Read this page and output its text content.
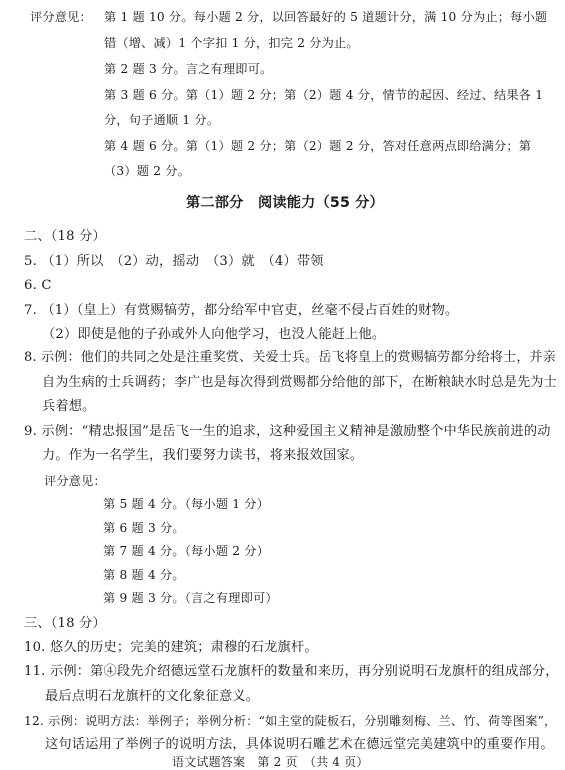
评分意见： 第 1 题 10 分。每小题 2 分，以回答最好的 5 道题计分，满 10 分为止；每小题
错（增、减）1 个字扣 1 分，扣完 2 分为止。
第 2 题 3 分。言之有理即可。
第 3 题 6 分。第（1）题 2 分；第（2）题 4 分，情节的起因、经过、结果各 1
分，句子通顺 1 分。
第 4 题 6 分。第（1）题 2 分；第（2）题 2 分，答对任意两点即给满分；第
（3）题 2 分。
第二部分　阅读能力（55 分）
二、（18 分）
5. （1）所以　（2）动，摇动　（3）就　（4）带领
6. C
7. （1）（皇上）有赏赐犒劳，都分给军中官吏，丝毫不侵占百姓的财物。
（2）即使是他的子孙或外人向他学习，也没人能赶上他。
8. 示例：他们的共同之处是注重奖赏、关爱士兵。岳飞将皇上的赏赐犒劳都分给将士，并亲
自为生病的士兵调药；李广也是每次得到赏赐都分给他的部下，在断粮缺水时总是先为士
兵着想。
9. 示例：“精忠报国”是岳飞一生的追求，这种爱国主义精神是激励整个中华民族前进的动
力。作为一名学生，我们要努力读书，将来报效国家。
评分意见：
第 5 题 4 分。（每小题 1 分）
第 6 题 3 分。
第 7 题 4 分。（每小题 2 分）
第 8 题 4 分。
第 9 题 3 分。（言之有理即可）
三、（18 分）
10. 悠久的历史；完美的建筑；肃穆的石龙旗杆。
11. 示例：第④段先介绍德远堂石龙旗杆的数量和来历，再分别说明石龙旗杆的组成部分，
最后点明石龙旗杆的文化象征意义。
12. 示例：说明方法：举例子；举例分析：“如主堂的陡板石，分别雕刻梅、兰、竹、荷等图案”，
这句话运用了举例子的说明方法，具体说明石雕艺术在德远堂完美建筑中的重要作用。
语文试题答案　第 2 页　（共 4 页）
